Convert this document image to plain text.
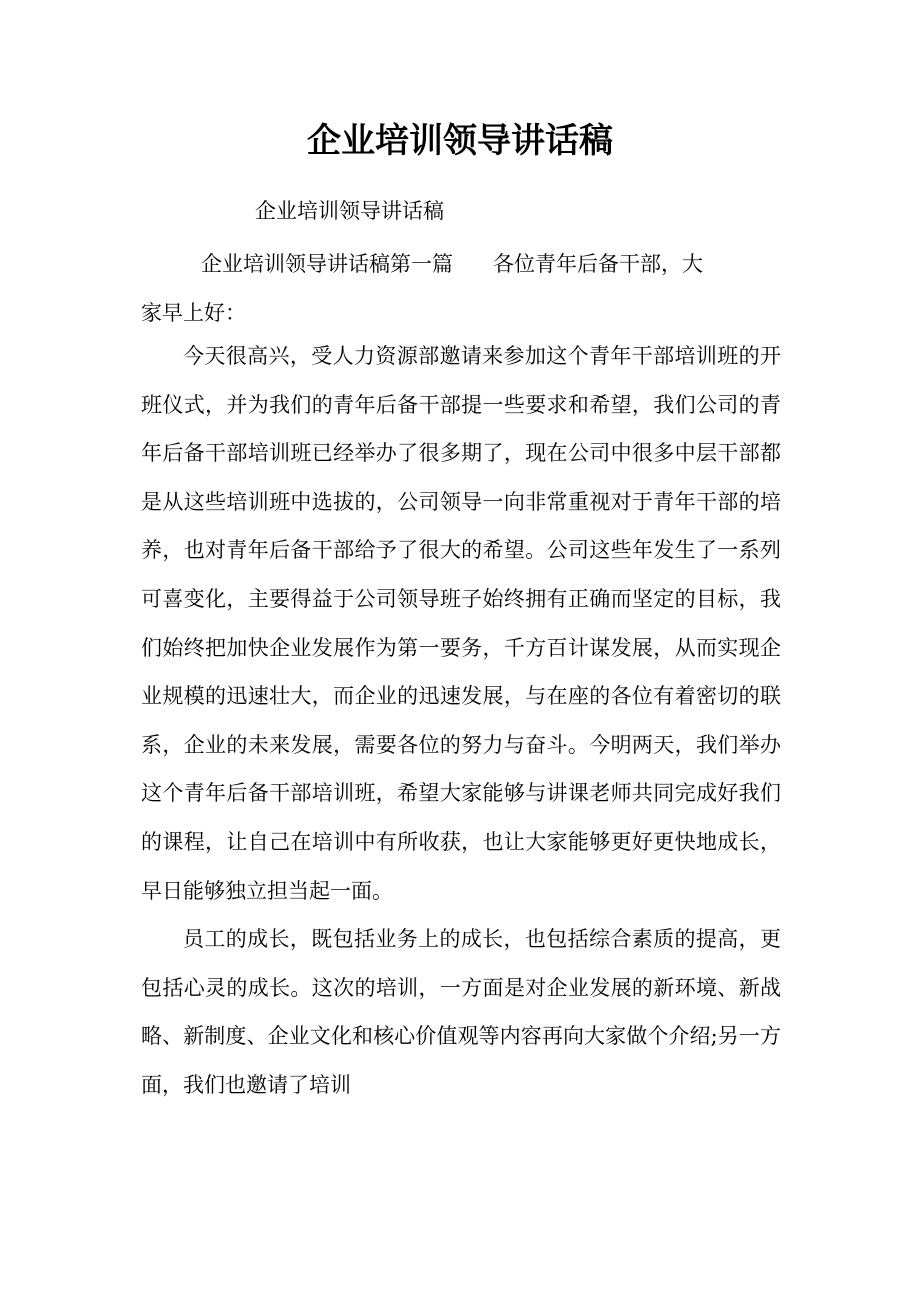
企业培训领导讲话稿

企业培训领导讲话稿

企业培训领导讲话稿第一篇 各位青年后备干部，大
家早上好：

今天很高兴，受人力资源部邀请来参加这个青年干部培训班的开班仪式，并为我们的青年后备干部提一些要求和希望，我们公司的青年后备干部培训班已经举办了很多期了，现在公司中很多中层干部都是从这些培训班中选拔的，公司领导一向非常重视对于青年干部的培养，也对青年后备干部给予了很大的希望。公司这些年发生了一系列可喜变化，主要得益于公司领导班子始终拥有正确而坚定的目标，我们始终把加快企业发展作为第一要务，千方百计谋发展，从而实现企业规模的迅速壮大，而企业的迅速发展，与在座的各位有着密切的联系，企业的未来发展，需要各位的努力与奋斗。今明两天，我们举办这个青年后备干部培训班，希望大家能够与讲课老师共同完成好我们的课程，让自己在培训中有所收获，也让大家能够更好更快地成长，早日能够独立担当起一面。

员工的成长，既包括业务上的成长，也包括综合素质的提高，更包括心灵的成长。这次的培训，一方面是对企业发展的新环境、新战略、新制度、企业文化和核心价值观等内容再向大家做个介绍;另一方面，我们也邀请了培训
